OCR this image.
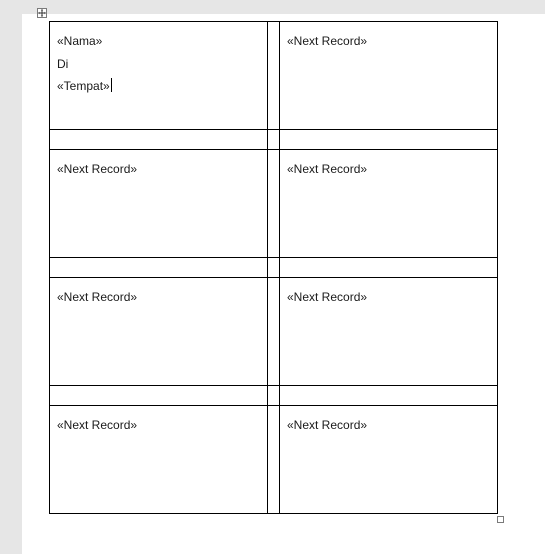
«Nama»
Di
«Tempat»		«Next Record»

«Next Record»		«Next Record»

«Next Record»		«Next Record»

«Next Record»		«Next Record»
